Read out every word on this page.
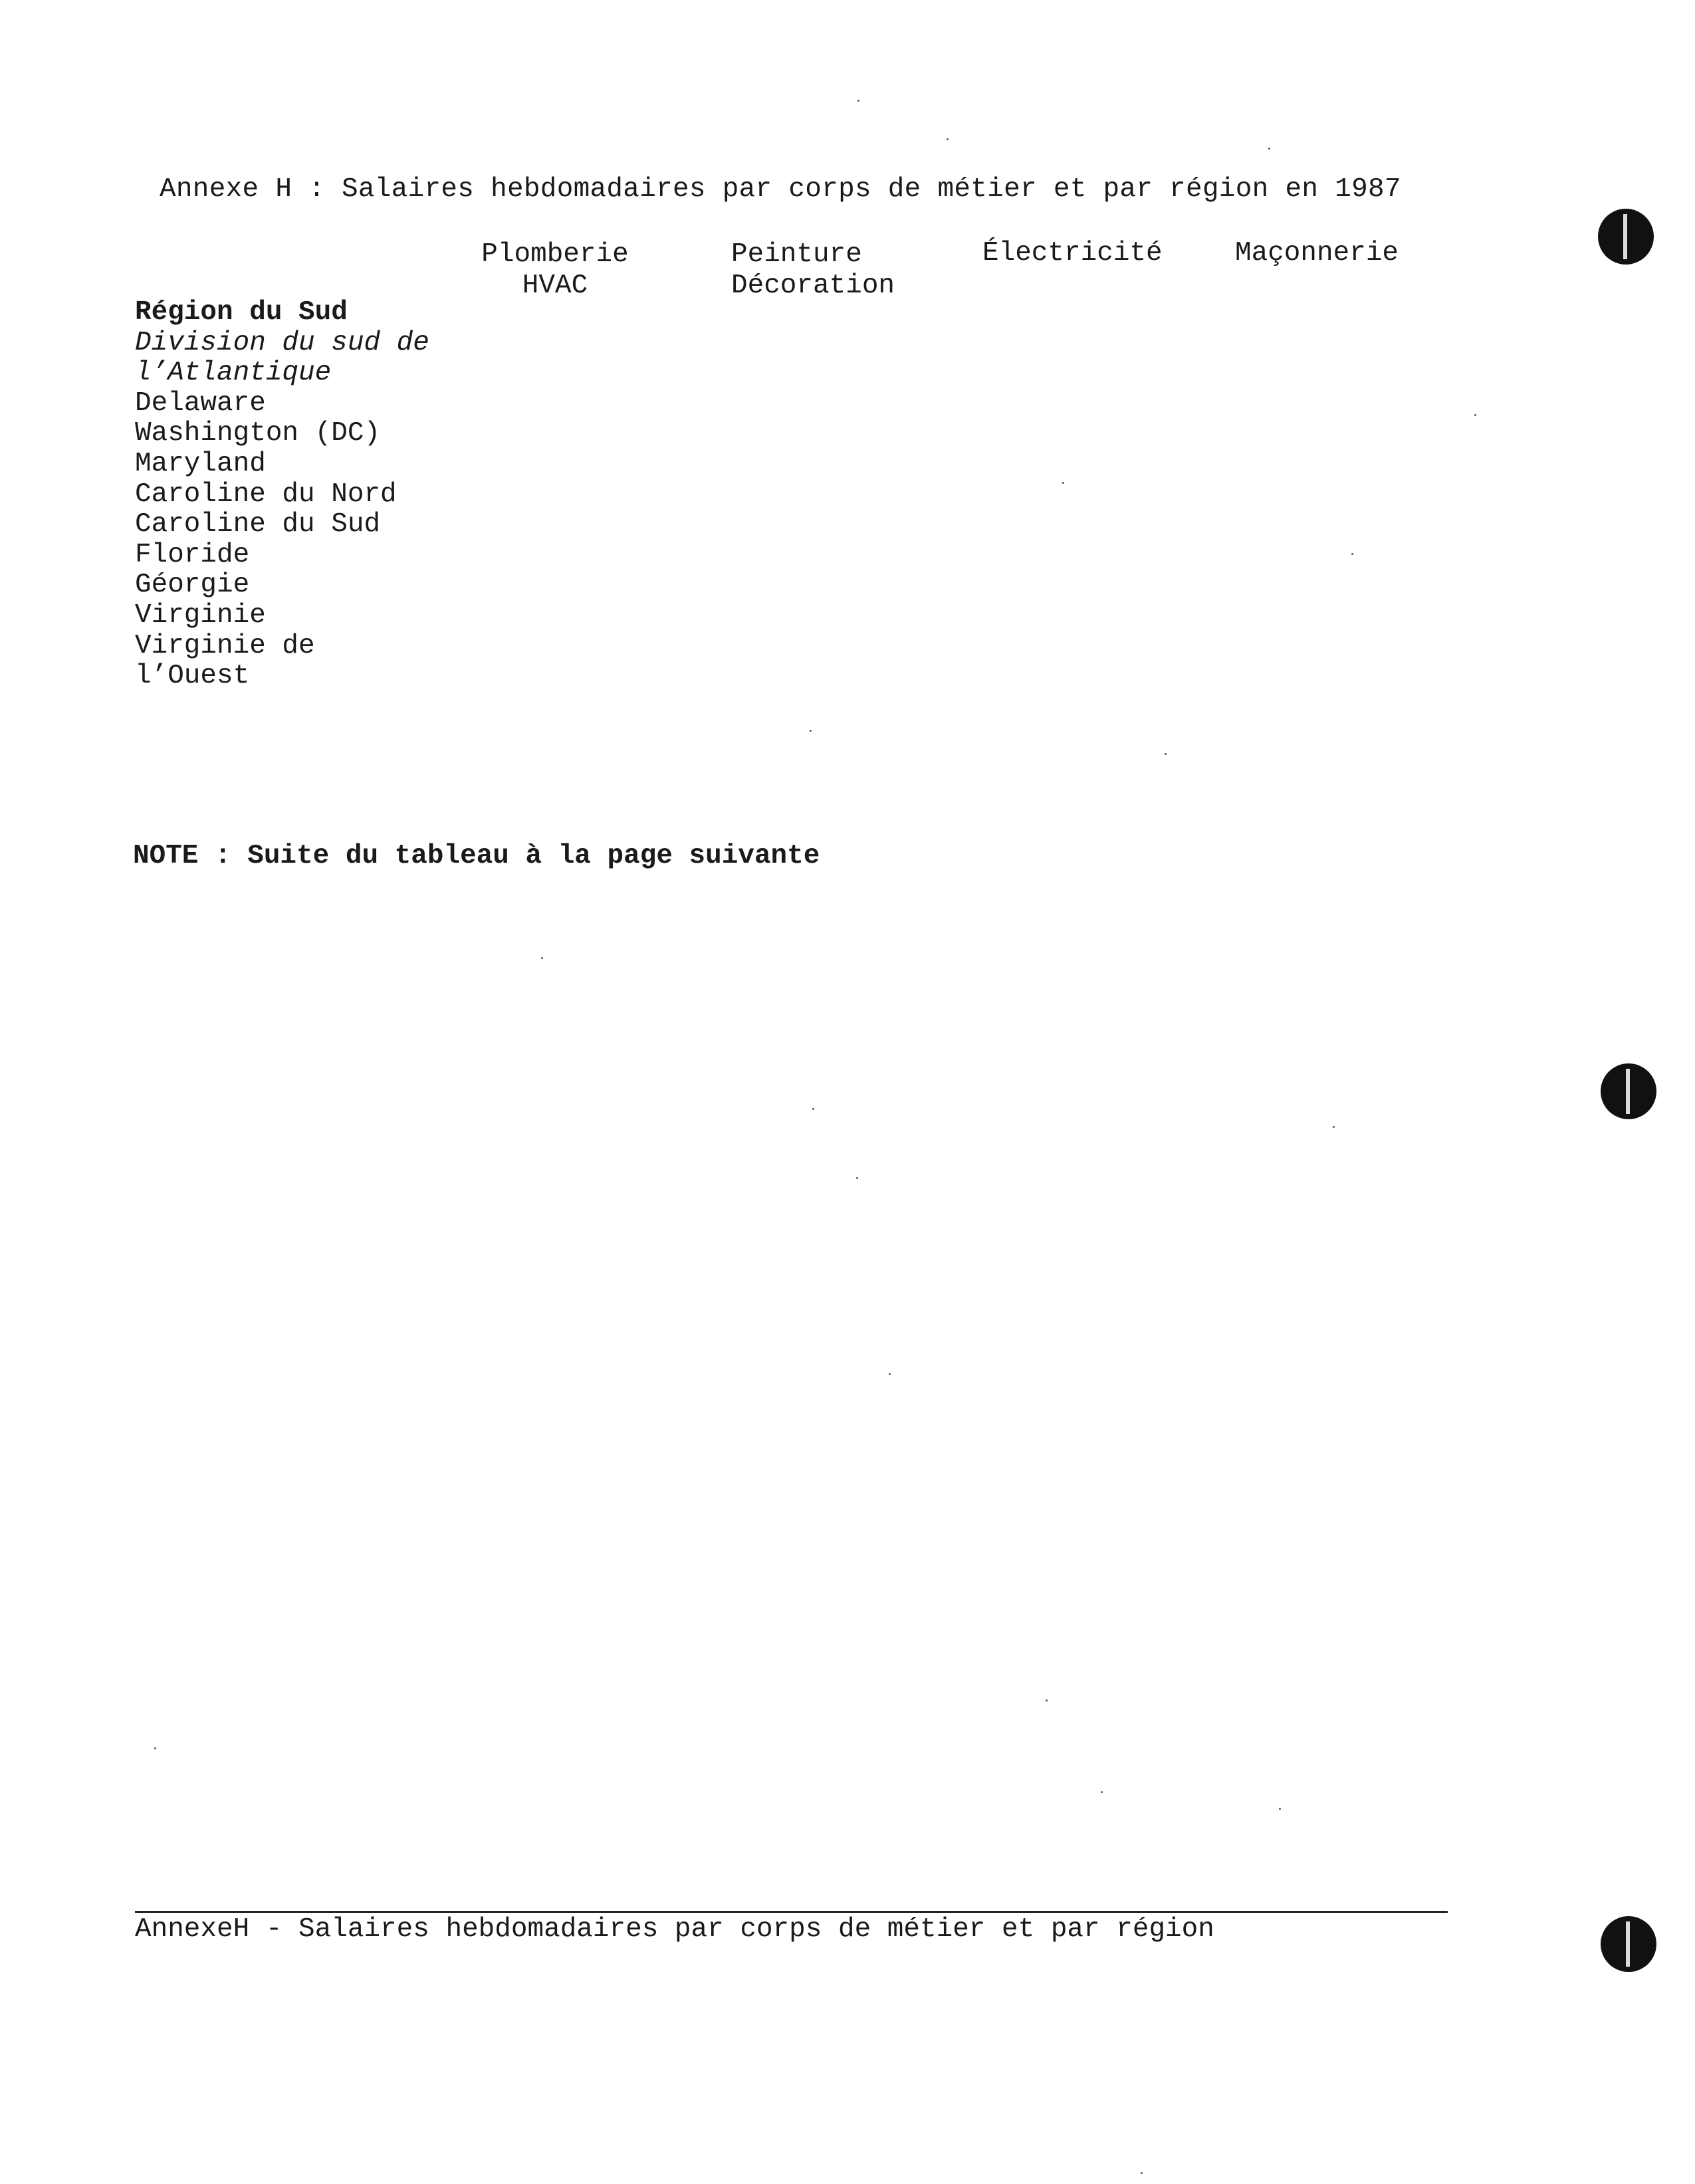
Annexe H : Salaires hebdomadaires par corps de métier et par région en 1987
Plomberie
HVAC
Peinture
Décoration
Électricité	Maçonnerie
Région du Sud
Division du sud de
l’Atlantique
Delaware
Washington (DC)
Maryland
Caroline du Nord
Caroline du Sud
Floride
Géorgie
Virginie
Virginie de
l’Ouest
NOTE : Suite du tableau à la page suivante
AnnexeH - Salaires hebdomadaires par corps de métier et par région
